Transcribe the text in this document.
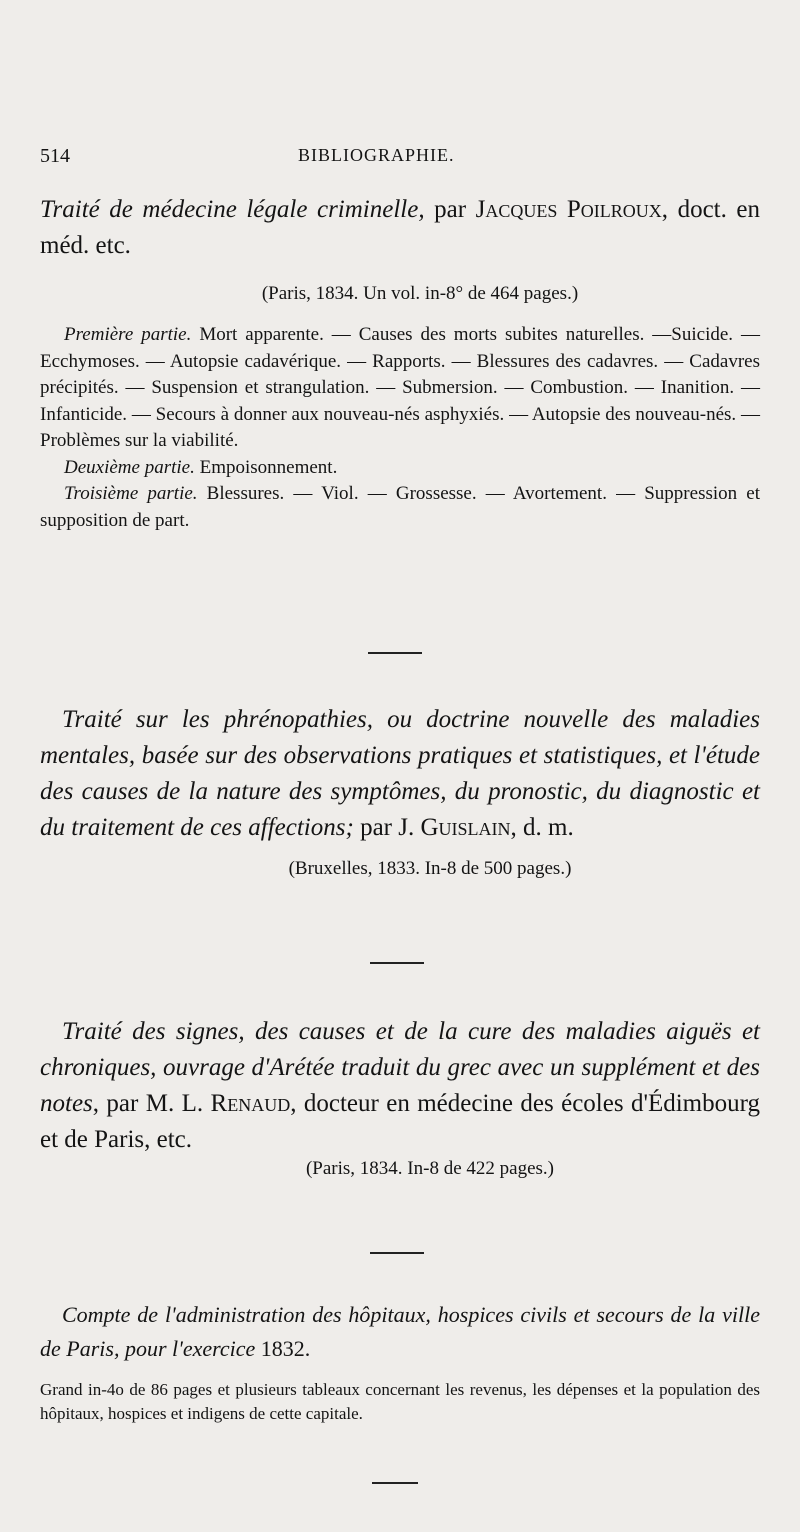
514	BIBLIOGRAPHIE.

Traité de médecine légale criminelle, par Jacques Poilroux, doct. en méd. etc.

(Paris, 1834. Un vol. in-8° de 464 pages.)

Première partie. Mort apparente. — Causes des morts subites naturelles. —Suicide. — Ecchymoses. — Autopsie cadavérique. — Rapports. — Blessures des cadavres. — Cadavres précipités. — Suspension et strangulation. — Submersion. — Combustion. — Inanition. — Infanticide. — Secours à donner aux nouveau-nés asphyxiés. — Autopsie des nouveau-nés. — Problèmes sur la viabilité.

Deuxième partie. Empoisonnement.

Troisième partie. Blessures. — Viol. — Grossesse. — Avortement. — Suppression et supposition de part.

Traité sur les phrénopathies, ou doctrine nouvelle des maladies mentales, basée sur des observations pratiques et statistiques, et l'étude des causes de la nature des symptômes, du pronostic, du diagnostic et du traitement de ces affections; par J. Guislain, d. m.

(Bruxelles, 1833. In-8 de 500 pages.)

Traité des signes, des causes et de la cure des maladies aiguës et chroniques, ouvrage d'Arétée traduit du grec avec un supplément et des notes, par M. L. Renaud, docteur en médecine des écoles d'Édimbourg et de Paris, etc.

(Paris, 1834. In-8 de 422 pages.)

Compte de l'administration des hôpitaux, hospices civils et secours de la ville de Paris, pour l'exercice 1832.

Grand in-4o de 86 pages et plusieurs tableaux concernant les revenus, les dépenses et la population des hôpitaux, hospices et indigens de cette capitale.
